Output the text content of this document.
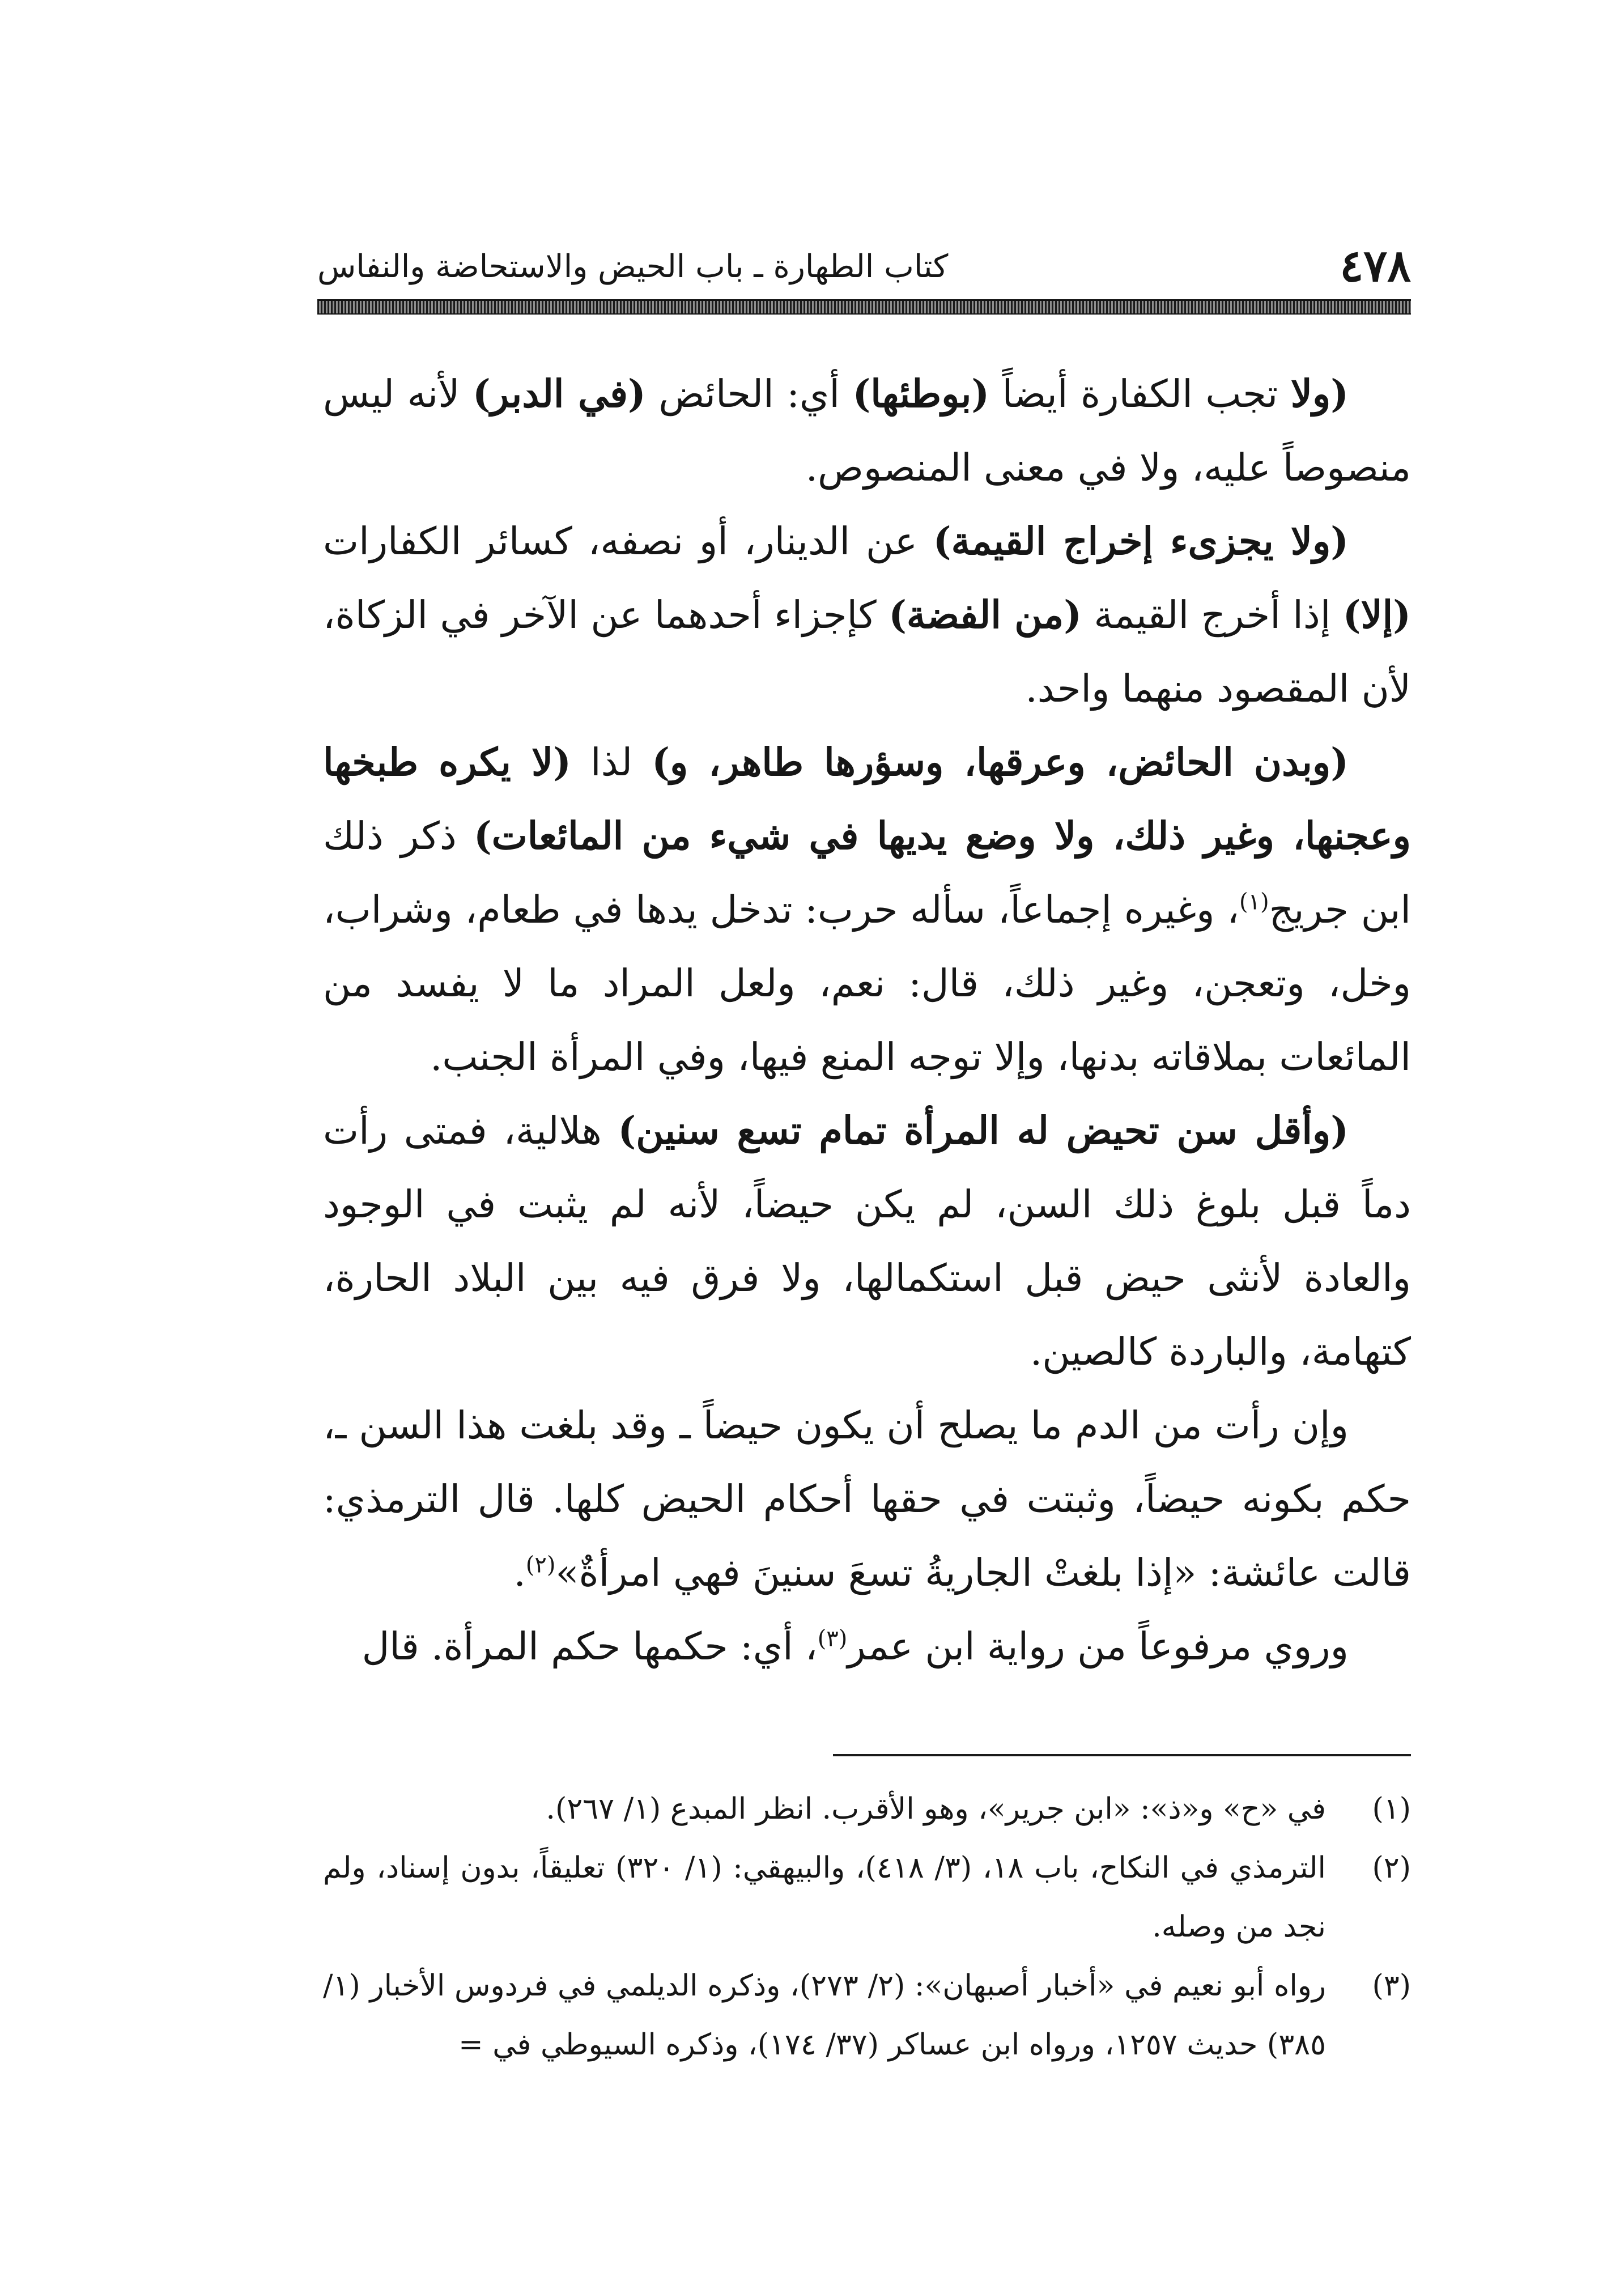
٤٧٨
كتاب الطهارة ـ باب الحيض والاستحاضة والنفاس

(ولا تجب الكفارة أيضاً (بوطئها) أي: الحائض (في الدبر) لأنه ليس منصوصاً عليه، ولا في معنى المنصوص.

(ولا يجزىء إخراج القيمة) عن الدينار، أو نصفه، كسائر الكفارات (إلا) إذا أخرج القيمة (من الفضة) كإجزاء أحدهما عن الآخر في الزكاة، لأن المقصود منهما واحد.

(وبدن الحائض، وعرقها، وسؤرها طاهر، و) لذا (لا يكره طبخها وعجنها، وغير ذلك، ولا وضع يديها في شيء من المائعات) ذكر ذلك ابن جريج$^{(١)}$، وغيره إجماعاً، سأله حرب: تدخل يدها في طعام، وشراب، وخل، وتعجن، وغير ذلك، قال: نعم، ولعل المراد ما لا يفسد من المائعات بملاقاته بدنها، وإلا توجه المنع فيها، وفي المرأة الجنب.

(وأقل سن تحيض له المرأة تمام تسع سنين) هلالية، فمتى رأت دماً قبل بلوغ ذلك السن، لم يكن حيضاً، لأنه لم يثبت في الوجود والعادة لأنثى حيض قبل استكمالها، ولا فرق فيه بين البلاد الحارة، كتهامة، والباردة كالصين.

وإن رأت من الدم ما يصلح أن يكون حيضاً ـ وقد بلغت هذا السن ـ، حكم بكونه حيضاً، وثبتت في حقها أحكام الحيض كلها. قال الترمذي: قالت عائشة: «إذا بلغتْ الجاريةُ تسعَ سنينَ فهي امرأةٌ»$^{(٢)}$.

وروي مرفوعاً من رواية ابن عمر$^{(٣)}$، أي: حكمها حكم المرأة. قال

(١)
في «ح» و«ذ»: «ابن جرير»، وهو الأقرب. انظر المبدع (١/ ٢٦٧).
(٢)
الترمذي في النكاح، باب ١٨، (٣/ ٤١٨)، والبيهقي: (١/ ٣٢٠) تعليقاً، بدون إسناد، ولم نجد من وصله.
(٣)
رواه أبو نعيم في «أخبار أصبهان»: (٢/ ٢٧٣)، وذكره الديلمي في فردوس الأخبار (١/ ٣٨٥) حديث ١٢٥٧، ورواه ابن عساكر (٣٧/ ١٧٤)، وذكره السيوطي في =
